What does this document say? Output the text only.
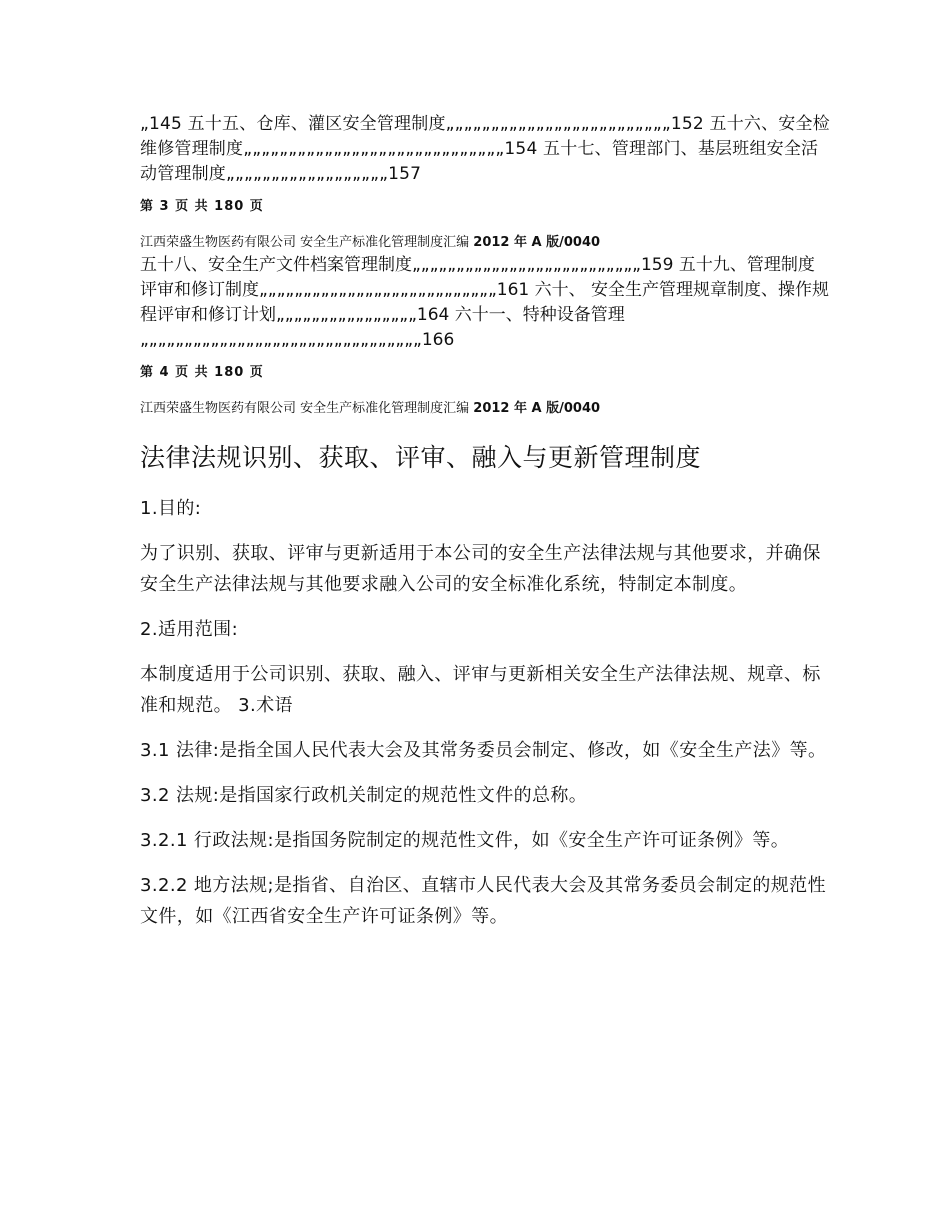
„145 五十五、仓库、灌区安全管理制度„„„„„„„„„„„„„„„„„„„„„„„„„152 五十六、安全检维修管理制度„„„„„„„„„„„„„„„„„„„„„„„„„„„„„154 五十七、管理部门、基层班组安全活动管理制度„„„„„„„„„„„„„„„„„„157

第 3 页 共 180 页

江西荣盛生物医药有限公司 安全生产标准化管理制度汇编 2012 年 A 版/0040

五十八、安全生产文件档案管理制度„„„„„„„„„„„„„„„„„„„„„„„„„„159 五十九、管理制度评审和修订制度„„„„„„„„„„„„„„„„„„„„„„„„„„„161 六十、 安全生产管理规章制度、操作规程评审和修订计划„„„„„„„„„„„„„„„„164 六十一、特种设备管理„„„„„„„„„„„„„„„„„„„„„„„„„„„„„„„„166

第 4 页 共 180 页

江西荣盛生物医药有限公司 安全生产标准化管理制度汇编 2012 年 A 版/0040

法律法规识别、获取、评审、融入与更新管理制度

1.目的:

为了识别、获取、评审与更新适用于本公司的安全生产法律法规与其他要求，并确保安全生产法律法规与其他要求融入公司的安全标准化系统，特制定本制度。

2.适用范围:

本制度适用于公司识别、获取、融入、评审与更新相关安全生产法律法规、规章、标准和规范。 3.术语

3.1 法律:是指全国人民代表大会及其常务委员会制定、修改，如《安全生产法》等。

3.2 法规:是指国家行政机关制定的规范性文件的总称。

3.2.1 行政法规:是指国务院制定的规范性文件，如《安全生产许可证条例》等。

3.2.2 地方法规;是指省、自治区、直辖市人民代表大会及其常务委员会制定的规范性文件，如《江西省安全生产许可证条例》等。
